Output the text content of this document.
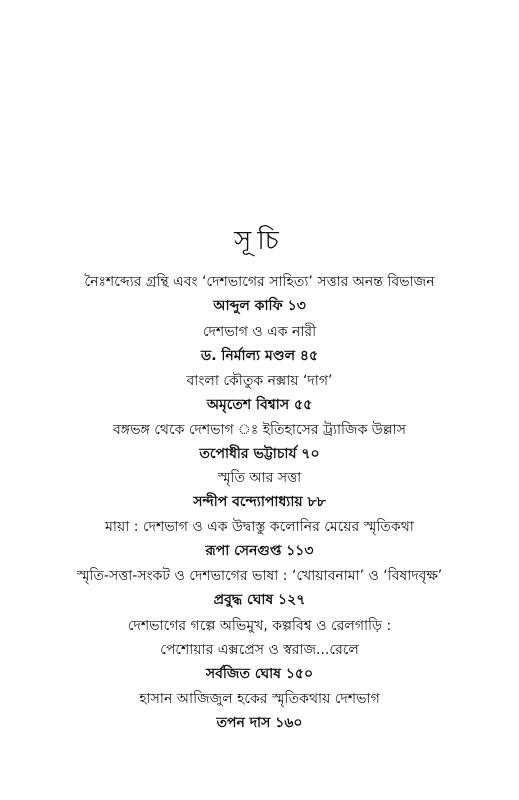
সূচি
নৈঃশব্দ্যের গ্রন্থি এবং ‘দেশভাগের সাহিত্য’ সত্তার অনন্ত বিভাজন
আব্দুল কাফি ১৩
দেশভাগ ও এক নারী
ড. নির্মাল্য মণ্ডল ৪৫
বাংলা কৌতুক নক্সায় ‘দাগ’
অমৃতেশ বিশ্বাস ৫৫
বঙ্গভঙ্গ থেকে দেশভাগ ঃ ইতিহাসের ট্র্যাজিক উল্লাস
তপোধীর ভট্টাচার্য ৭০
স্মৃতি আর সত্তা
সন্দীপ বন্দ্যোপাধ্যায় ৮৮
মায়া : দেশভাগ ও এক উদ্বাস্তু কলোনির মেয়ের স্মৃতিকথা
রূপা সেনগুপ্ত ১১৩
স্মৃতি-সত্তা-সংকট ও দেশভাগের ভাষা : ‘খোয়াবনামা’ ও ‘বিষাদবৃক্ষ’
প্রবুদ্ধ ঘোষ ১২৭
দেশভাগের গল্পে অভিমুখ, কল্পবিশ্ব ও রেলগাড়ি :
পেশোয়ার এক্সপ্রেস ও স্বরাজ...রেলে
সর্বজিত ঘোষ ১৫০
হাসান আজিজুল হকের স্মৃতিকথায় দেশভাগ
তপন দাস ১৬০
